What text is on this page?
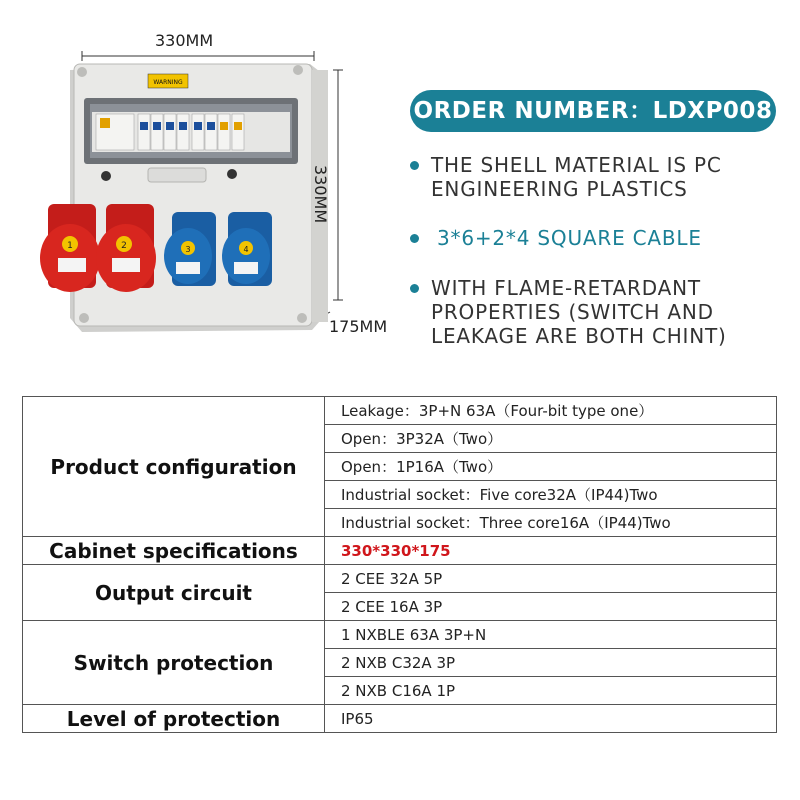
WARNING
1	2	3	4
330MM
330MM
175MM
ORDER NUMBER：LDXP008
THE SHELL MATERIAL IS PC ENGINEERING PLASTICS
3*6+2*4 SQUARE CABLE
WITH FLAME-RETARDANT PROPERTIES (SWITCH AND LEAKAGE ARE BOTH CHINT)
Product configuration	Leakage：3P+N 63A（Four-bit type one）
	Open：3P32A（Two）
	Open：1P16A（Two）
	Industrial socket：Five core32A（IP44)Two
	Industrial socket：Three core16A（IP44)Two
Cabinet specifications	330*330*175
Output circuit	2 CEE 32A 5P
	2 CEE 16A 3P
Switch protection	1 NXBLE 63A 3P+N
	2 NXB C32A 3P
	2 NXB C16A 1P
Level of protection	IP65
